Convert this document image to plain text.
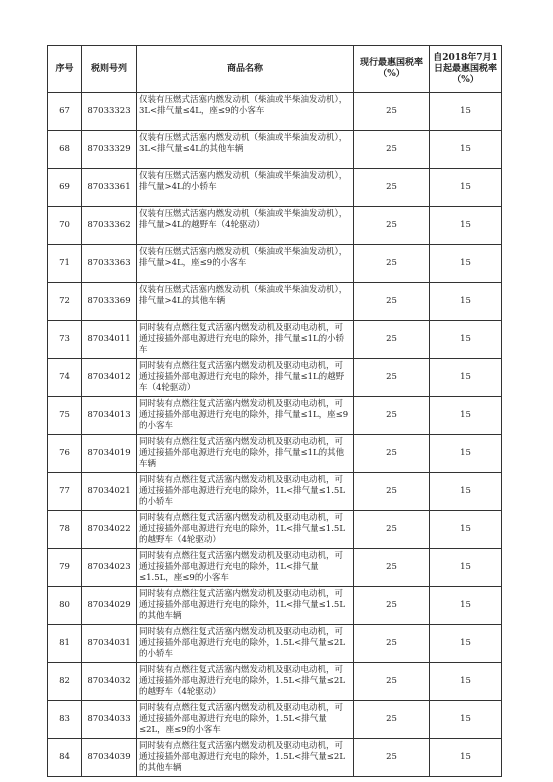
序号	税则号列	商品名称	现行最惠国税率（%）	自2018年7月1日起最惠国税率（%）
67	87033323	仅装有压燃式活塞内燃发动机（柴油或半柴油发动机），3L<排气量≤4L，座≤9的小客车	25	15
68	87033329	仅装有压燃式活塞内燃发动机（柴油或半柴油发动机），3L<排气量≤4L的其他车辆	25	15
69	87033361	仅装有压燃式活塞内燃发动机（柴油或半柴油发动机），排气量>4L的小轿车	25	15
70	87033362	仅装有压燃式活塞内燃发动机（柴油或半柴油发动机），排气量>4L的越野车（4轮驱动）	25	15
71	87033363	仅装有压燃式活塞内燃发动机（柴油或半柴油发动机），排气量>4L，座≤9的小客车	25	15
72	87033369	仅装有压燃式活塞内燃发动机（柴油或半柴油发动机），排气量>4L的其他车辆	25	15
73	87034011	同时装有点燃往复式活塞内燃发动机及驱动电动机，可通过接插外部电源进行充电的除外，排气量≤1L的小轿车	25	15
74	87034012	同时装有点燃往复式活塞内燃发动机及驱动电动机，可通过接插外部电源进行充电的除外，排气量≤1L的越野车（4轮驱动）	25	15
75	87034013	同时装有点燃往复式活塞内燃发动机及驱动电动机，可通过接插外部电源进行充电的除外，排气量≤1L，座≤9的小客车	25	15
76	87034019	同时装有点燃往复式活塞内燃发动机及驱动电动机，可通过接插外部电源进行充电的除外，排气量≤1L的其他车辆	25	15
77	87034021	同时装有点燃往复式活塞内燃发动机及驱动电动机，可通过接插外部电源进行充电的除外，1L<排气量≤1.5L的小轿车	25	15
78	87034022	同时装有点燃往复式活塞内燃发动机及驱动电动机，可通过接插外部电源进行充电的除外，1L<排气量≤1.5L的越野车（4轮驱动）	25	15
79	87034023	同时装有点燃往复式活塞内燃发动机及驱动电动机，可通过接插外部电源进行充电的除外，1L<排气量≤1.5L，座≤9的小客车	25	15
80	87034029	同时装有点燃往复式活塞内燃发动机及驱动电动机，可通过接插外部电源进行充电的除外，1L<排气量≤1.5L的其他车辆	25	15
81	87034031	同时装有点燃往复式活塞内燃发动机及驱动电动机，可通过接插外部电源进行充电的除外，1.5L<排气量≤2L的小轿车	25	15
82	87034032	同时装有点燃往复式活塞内燃发动机及驱动电动机，可通过接插外部电源进行充电的除外，1.5L<排气量≤2L的越野车（4轮驱动）	25	15
83	87034033	同时装有点燃往复式活塞内燃发动机及驱动电动机，可通过接插外部电源进行充电的除外，1.5L<排气量≤2L，座≤9的小客车	25	15
84	87034039	同时装有点燃往复式活塞内燃发动机及驱动电动机，可通过接插外部电源进行充电的除外，1.5L<排气量≤2L的其他车辆	25	15
